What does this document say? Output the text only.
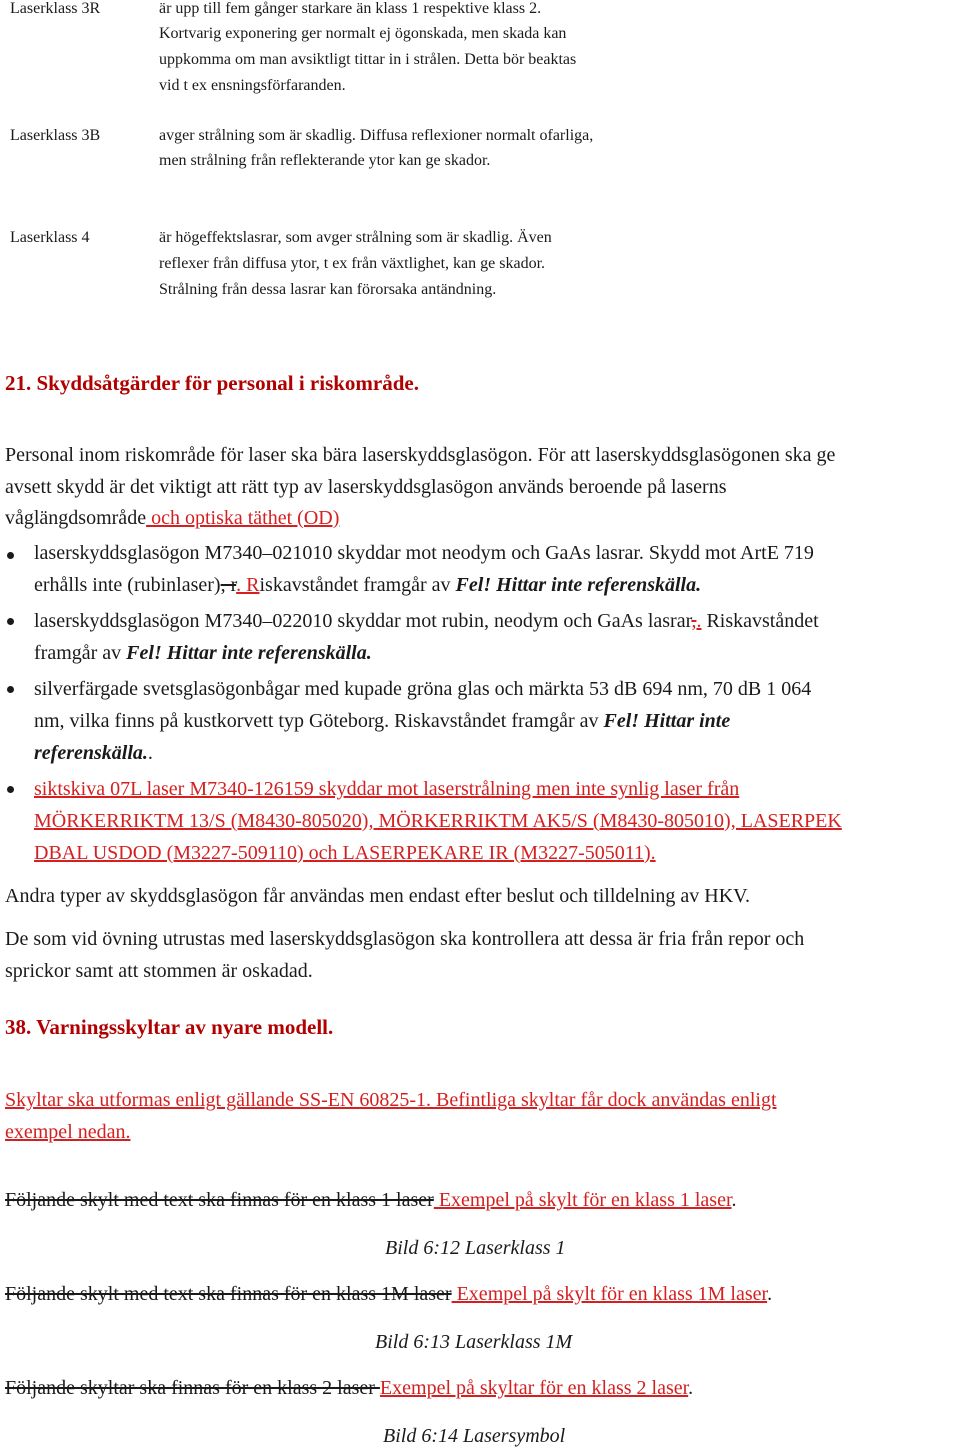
Laserklass 3R	är upp till fem gånger starkare än klass 1 respektive klass 2.
Kortvarig exponering ger normalt ej ögonskada, men skada kan
uppkomma om man avsiktligt tittar in i strålen. Detta bör beaktas
vid t ex ensningsförfaranden.
Laserklass 3B	avger strålning som är skadlig. Diffusa reflexioner normalt ofarliga,
men strålning från reflekterande ytor kan ge skador.
Laserklass 4	är högeffektslasrar, som avger strålning som är skadlig. Även
reflexer från diffusa ytor, t ex från växtlighet, kan ge skador.
Strålning från dessa lasrar kan förorsaka antändning.
21. Skyddsåtgärder för personal i riskområde.
Personal inom riskområde för laser ska bära laserskyddsglasögon. För att laserskyddsglasögonen ska ge
avsett skydd är det viktigt att rätt typ av laserskyddsglasögon används beroende på laserns
våglängdsområde och optiska täthet (OD)
laserskyddsglasögon M7340–021010 skyddar mot neodym och GaAs lasrar. Skydd mot ArtE 719
erhålls inte (rubinlaser), r. Riskavståndet framgår av Fel! Hittar inte referenskälla.
laserskyddsglasögon M7340–022010 skyddar mot rubin, neodym och GaAs lasrar,. Riskavståndet
framgår av Fel! Hittar inte referenskälla.
silverfärgade svetsglasögonbågar med kupade gröna glas och märkta 53 dB 694 nm, 70 dB 1 064
nm, vilka finns på kustkorvett typ Göteborg. Riskavståndet framgår av Fel! Hittar inte
referenskälla..
siktskiva 07L laser M7340-126159 skyddar mot laserstrålning men inte synlig laser från
MÖRKERRIKTM 13/S (M8430-805020), MÖRKERRIKTM AK5/S (M8430-805010), LASERPEK
DBAL USDOD (M3227-509110) och LASERPEKARE IR (M3227-505011).
Andra typer av skyddsglasögon får användas men endast efter beslut och tilldelning av HKV.
De som vid övning utrustas med laserskyddsglasögon ska kontrollera att dessa är fria från repor och
sprickor samt att stommen är oskadad.
38. Varningsskyltar av nyare modell.
Skyltar ska utformas enligt gällande SS-EN 60825-1. Befintliga skyltar får dock användas enligt
exempel nedan.
Följande skylt med text ska finnas för en klass 1 laser Exempel på skylt för en klass 1 laser.
Bild 6:12 Laserklass 1
Följande skylt med text ska finnas för en klass 1M laser Exempel på skylt för en klass 1M laser.
Bild 6:13 Laserklass 1M
Följande skyltar ska finnas för en klass 2 laser Exempel på skyltar för en klass 2 laser.
Bild 6:14 Lasersymbol
